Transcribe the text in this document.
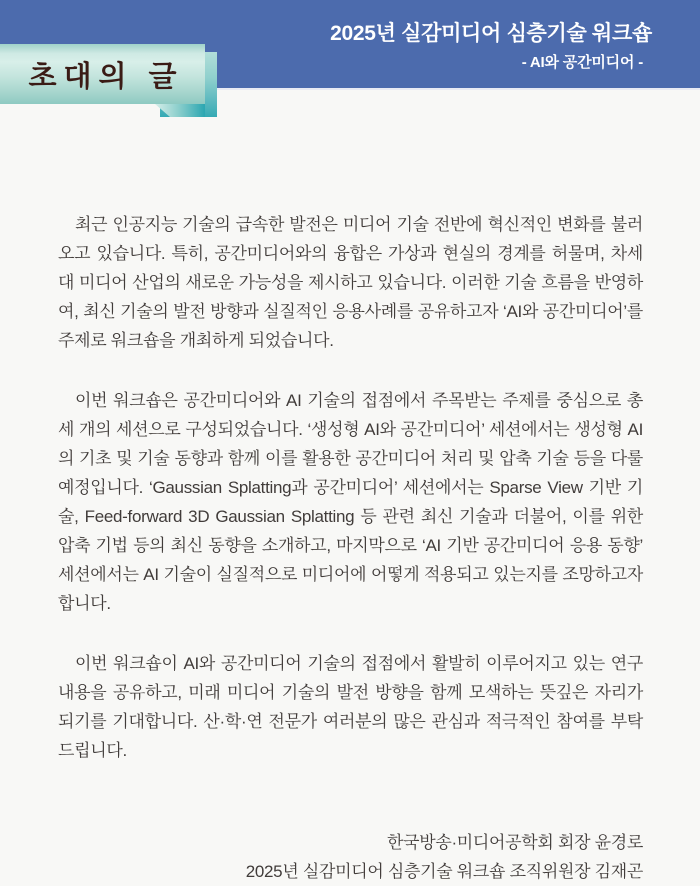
2025년 실감미디어 심층기술 워크숍
- AI와 공간미디어 -
초대의 글

최근 인공지능 기술의 급속한 발전은 미디어 기술 전반에 혁신적인 변화를 불러오고 있습니다. 특히, 공간미디어와의 융합은 가상과 현실의 경계를 허물며, 차세대 미디어 산업의 새로운 가능성을 제시하고 있습니다. 이러한 기술 흐름을 반영하여, 최신 기술의 발전 방향과 실질적인 응용사례를 공유하고자 ‘AI와 공간미디어’를 주제로 워크숍을 개최하게 되었습니다.

이번 워크숍은 공간미디어와 AI 기술의 접점에서 주목받는 주제를 중심으로 총 세 개의 세션으로 구성되었습니다. ‘생성형 AI와 공간미디어’ 세션에서는 생성형 AI의 기초 및 기술 동향과 함께 이를 활용한 공간미디어 처리 및 압축 기술 등을 다룰 예정입니다. ‘Gaussian Splatting과 공간미디어’ 세션에서는 Sparse View 기반 기술, Feed-forward 3D Gaussian Splatting 등 관련 최신 기술과 더불어, 이를 위한 압축 기법 등의 최신 동향을 소개하고, 마지막으로 ‘AI 기반 공간미디어 응용 동향’ 세션에서는 AI 기술이 실질적으로 미디어에 어떻게 적용되고 있는지를 조망하고자 합니다.

이번 워크숍이 AI와 공간미디어 기술의 접점에서 활발히 이루어지고 있는 연구 내용을 공유하고, 미래 미디어 기술의 발전 방향을 함께 모색하는 뜻깊은 자리가 되기를 기대합니다. 산·학·연 전문가 여러분의 많은 관심과 적극적인 참여를 부탁드립니다.

한국방송·미디어공학회 회장 윤경로
2025년 실감미디어 심층기술 워크숍 조직위원장 김재곤
